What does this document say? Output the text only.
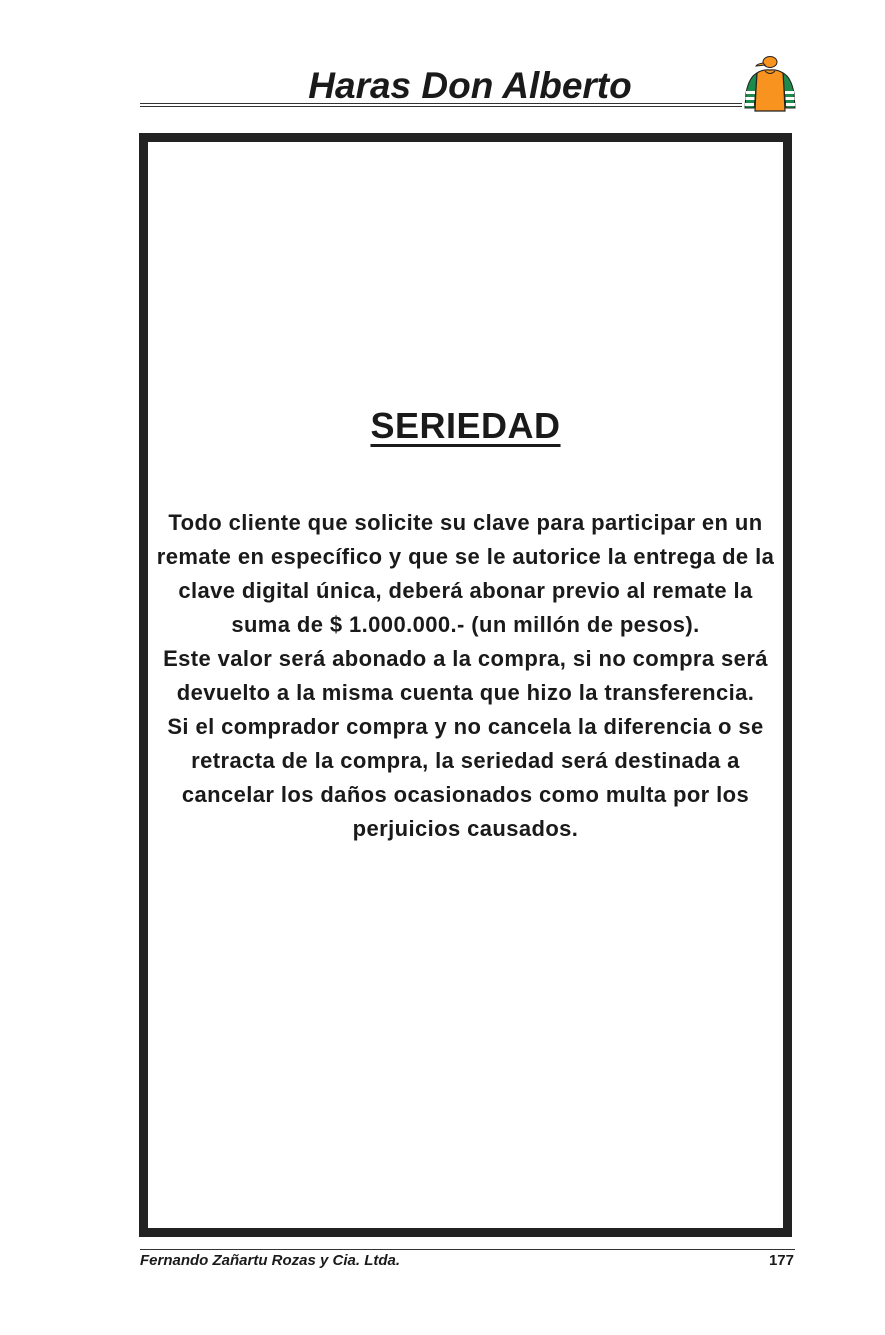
Haras Don Alberto
SERIEDAD

Todo cliente que solicite su clave para participar en un remate en específico y que se le autorice la entrega de la clave digital única, deberá abonar previo al remate la suma de $ 1.000.000.- (un millón de pesos).

Este valor será abonado a la compra, si no compra será devuelto a la misma cuenta que hizo la transferencia.

Si el comprador compra y no cancela la diferencia o se retracta de la compra, la seriedad será destinada a cancelar los daños ocasionados como multa por los perjuicios causados.

Fernando Zañartu Rozas y Cia. Ltda.	177
